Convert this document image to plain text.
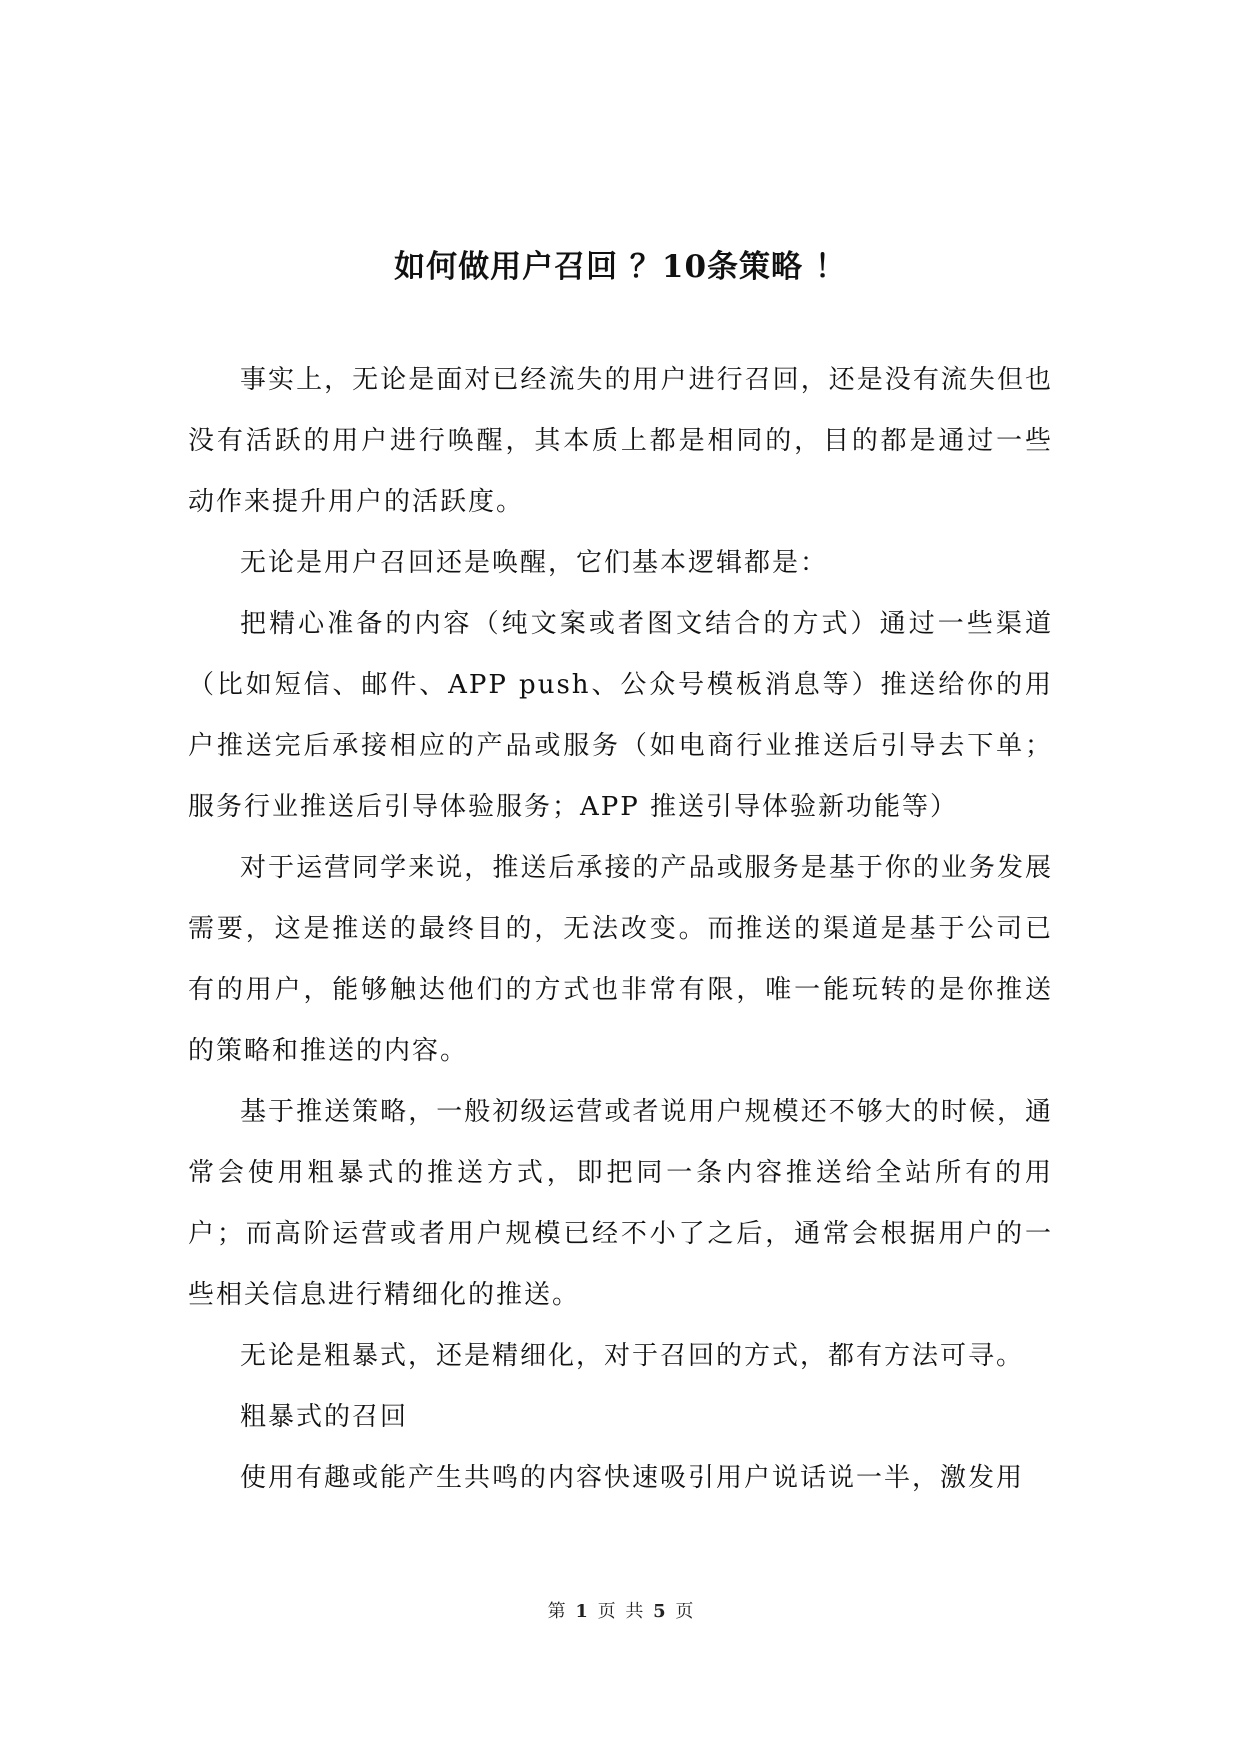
如何做用户召回 ？10条策略 ！

事实上，无论是面对已经流失的用户进行召回，还是没有流失但也没有活跃的用户进行唤醒，其本质上都是相同的，目的都是通过一些动作来提升用户的活跃度。

无论是用户召回还是唤醒，它们基本逻辑都是：

把精心准备的内容（纯文案或者图文结合的方式）通过一些渠道（比如短信、邮件、APP push、公众号模板消息等）推送给你的用户推送完后承接相应的产品或服务（如电商行业推送后引导去下单；服务行业推送后引导体验服务；APP 推送引导体验新功能等）

对于运营同学来说，推送后承接的产品或服务是基于你的业务发展需要，这是推送的最终目的，无法改变。而推送的渠道是基于公司已有的用户，能够触达他们的方式也非常有限，唯一能玩转的是你推送的策略和推送的内容。

基于推送策略，一般初级运营或者说用户规模还不够大的时候，通常会使用粗暴式的推送方式，即把同一条内容推送给全站所有的用户；而高阶运营或者用户规模已经不小了之后，通常会根据用户的一些相关信息进行精细化的推送。

无论是粗暴式，还是精细化，对于召回的方式，都有方法可寻。

粗暴式的召回

使用有趣或能产生共鸣的内容快速吸引用户说话说一半，激发用

第 1 页 共 5 页
